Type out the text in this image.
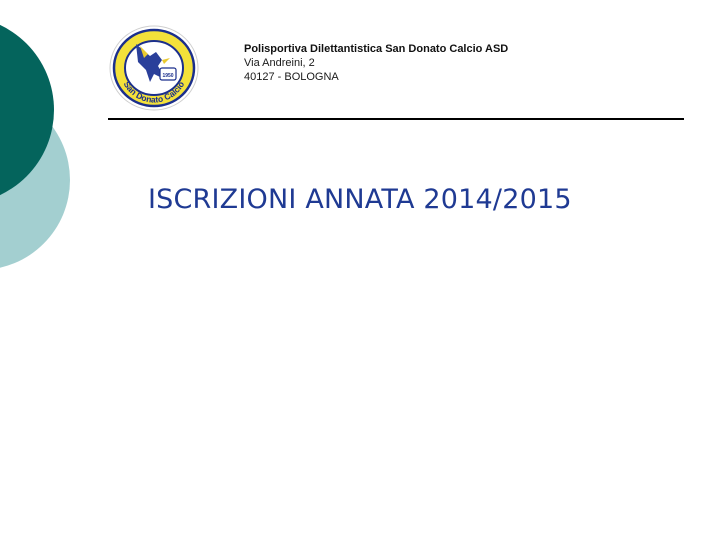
1950
San Donato Calcio
Polisportiva Dilettantistica San Donato Calcio ASD
Via Andreini, 2
40127 - BOLOGNA
ISCRIZIONI ANNATA 2014/2015
